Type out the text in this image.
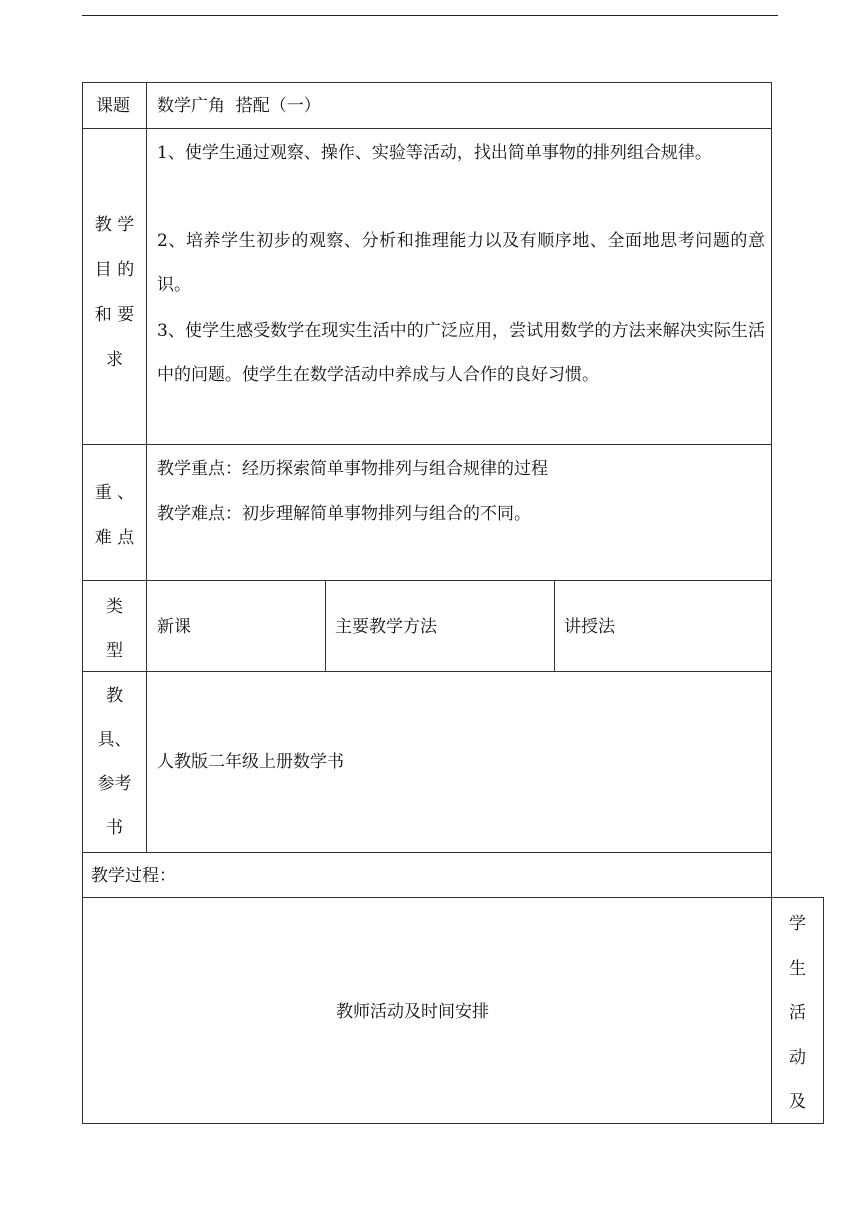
课题 数学广角  搭配（一）
教 学
目 的
和 要
求

1、使学生通过观察、操作、实验等活动，找出简单事物的排列组合规律。

2、培养学生初步的观察、分析和推理能力以及有顺序地、全面地思考问题的意识。

3、使学生感受数学在现实生活中的广泛应用，尝试用数学的方法来解决实际生活中的问题。使学生在数学活动中养成与人合作的良好习惯。

重 、
难 点
教学重点：经历探索简单事物排列与组合规律的过程
教学难点：初步理解简单事物排列与组合的不同。
类
型
新课	主要教学方法	讲授法
教
具、
参考
书
人教版二年级上册数学书
教学过程：
教师活动及时间安排
学
生
活
动
及
